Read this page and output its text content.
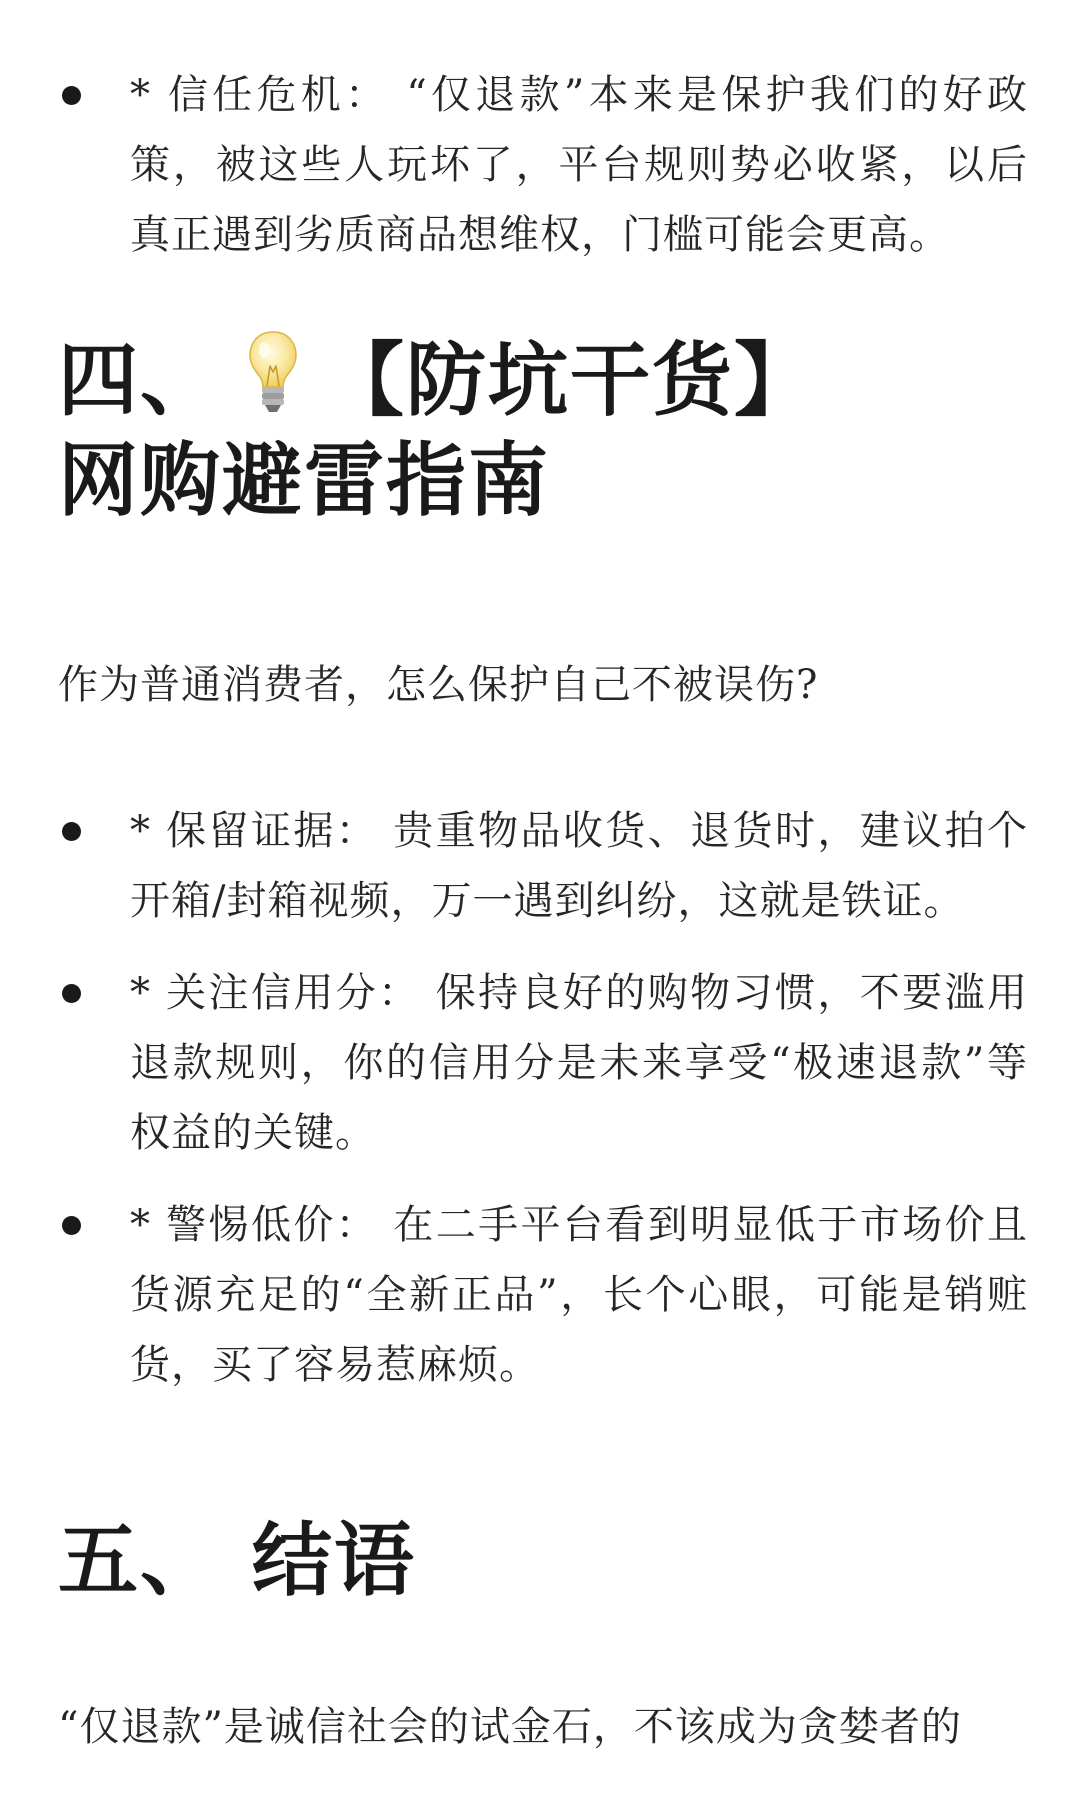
* 信任危机： “仅退款”本来是保护我们的好政策，被这些人玩坏了，平台规则势必收紧，以后真正遇到劣质商品想维权，门槛可能会更高。
四、 【防坑干货】
网购避雷指南

作为普通消费者，怎么保护自己不被误伤?

* 保留证据： 贵重物品收货、退货时，建议拍个开箱/封箱视频，万一遇到纠纷，这就是铁证。
* 关注信用分： 保持良好的购物习惯，不要滥用退款规则，你的信用分是未来享受“极速退款”等权益的关键。
* 警惕低价： 在二手平台看到明显低于市场价且货源充足的“全新正品”，长个心眼，可能是销赃货，买了容易惹麻烦。
五、 结语

“仅退款”是诚信社会的试金石，不该成为贪婪者的
